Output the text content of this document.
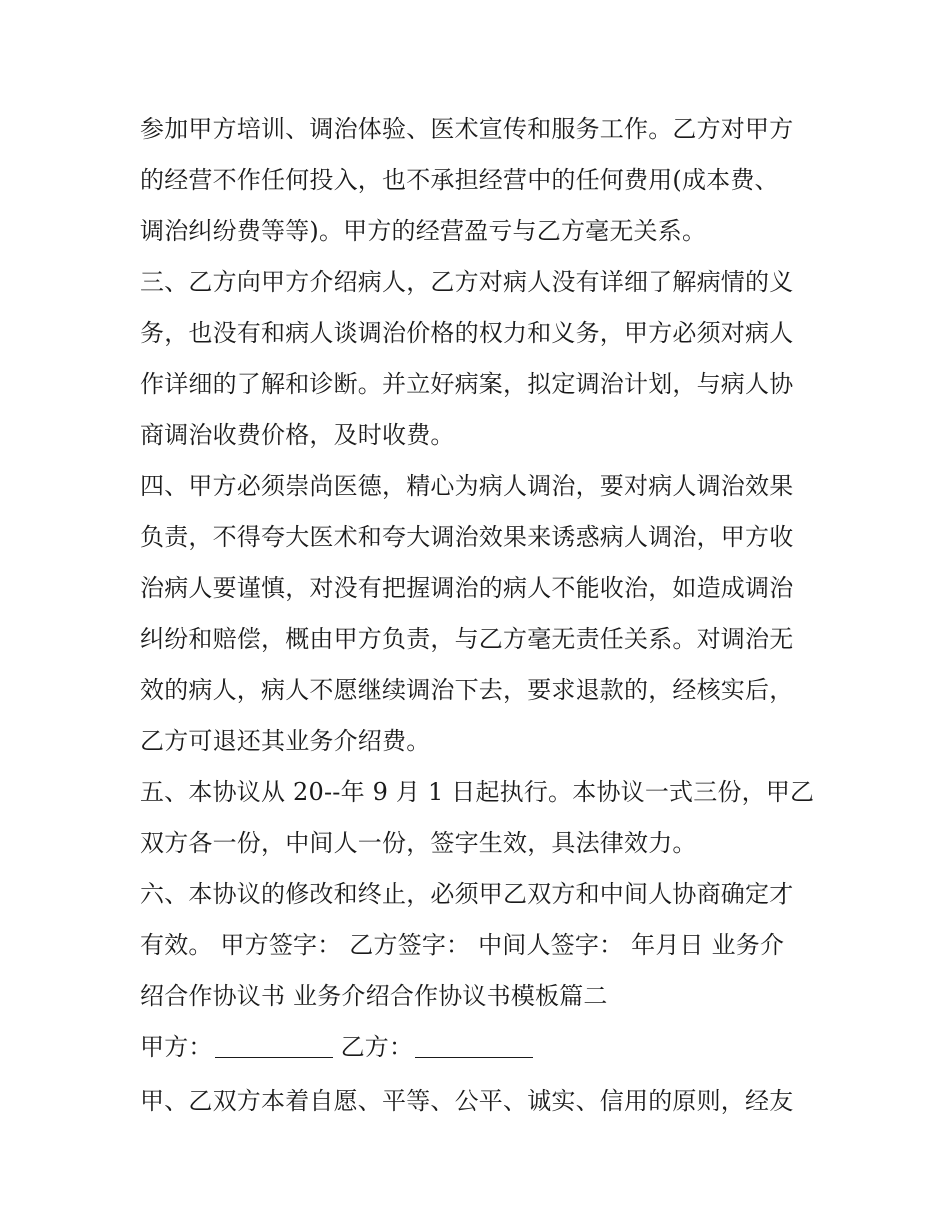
参加甲方培训、调治体验、医术宣传和服务工作。乙方对甲方
的经营不作任何投入，也不承担经营中的任何费用(成本费、
调治纠纷费等等)。甲方的经营盈亏与乙方毫无关系。
三、乙方向甲方介绍病人，乙方对病人没有详细了解病情的义
务，也没有和病人谈调治价格的权力和义务，甲方必须对病人
作详细的了解和诊断。并立好病案，拟定调治计划，与病人协
商调治收费价格，及时收费。
四、甲方必须崇尚医德，精心为病人调治，要对病人调治效果
负责，不得夸大医术和夸大调治效果来诱惑病人调治，甲方收
治病人要谨慎，对没有把握调治的病人不能收治，如造成调治
纠纷和赔偿，概由甲方负责，与乙方毫无责任关系。对调治无
效的病人，病人不愿继续调治下去，要求退款的，经核实后，
乙方可退还其业务介绍费。
五、本协议从 20--年 9 月 1 日起执行。本协议一式三份，甲乙
双方各一份，中间人一份，签字生效，具法律效力。
六、本协议的修改和终止，必须甲乙双方和中间人协商确定才
有效。 甲方签字： 乙方签字： 中间人签字： 年月日 业务介
绍合作协议书 业务介绍合作协议书模板篇二
甲方：	乙方：
甲、乙双方本着自愿、平等、公平、诚实、信用的原则，经友
